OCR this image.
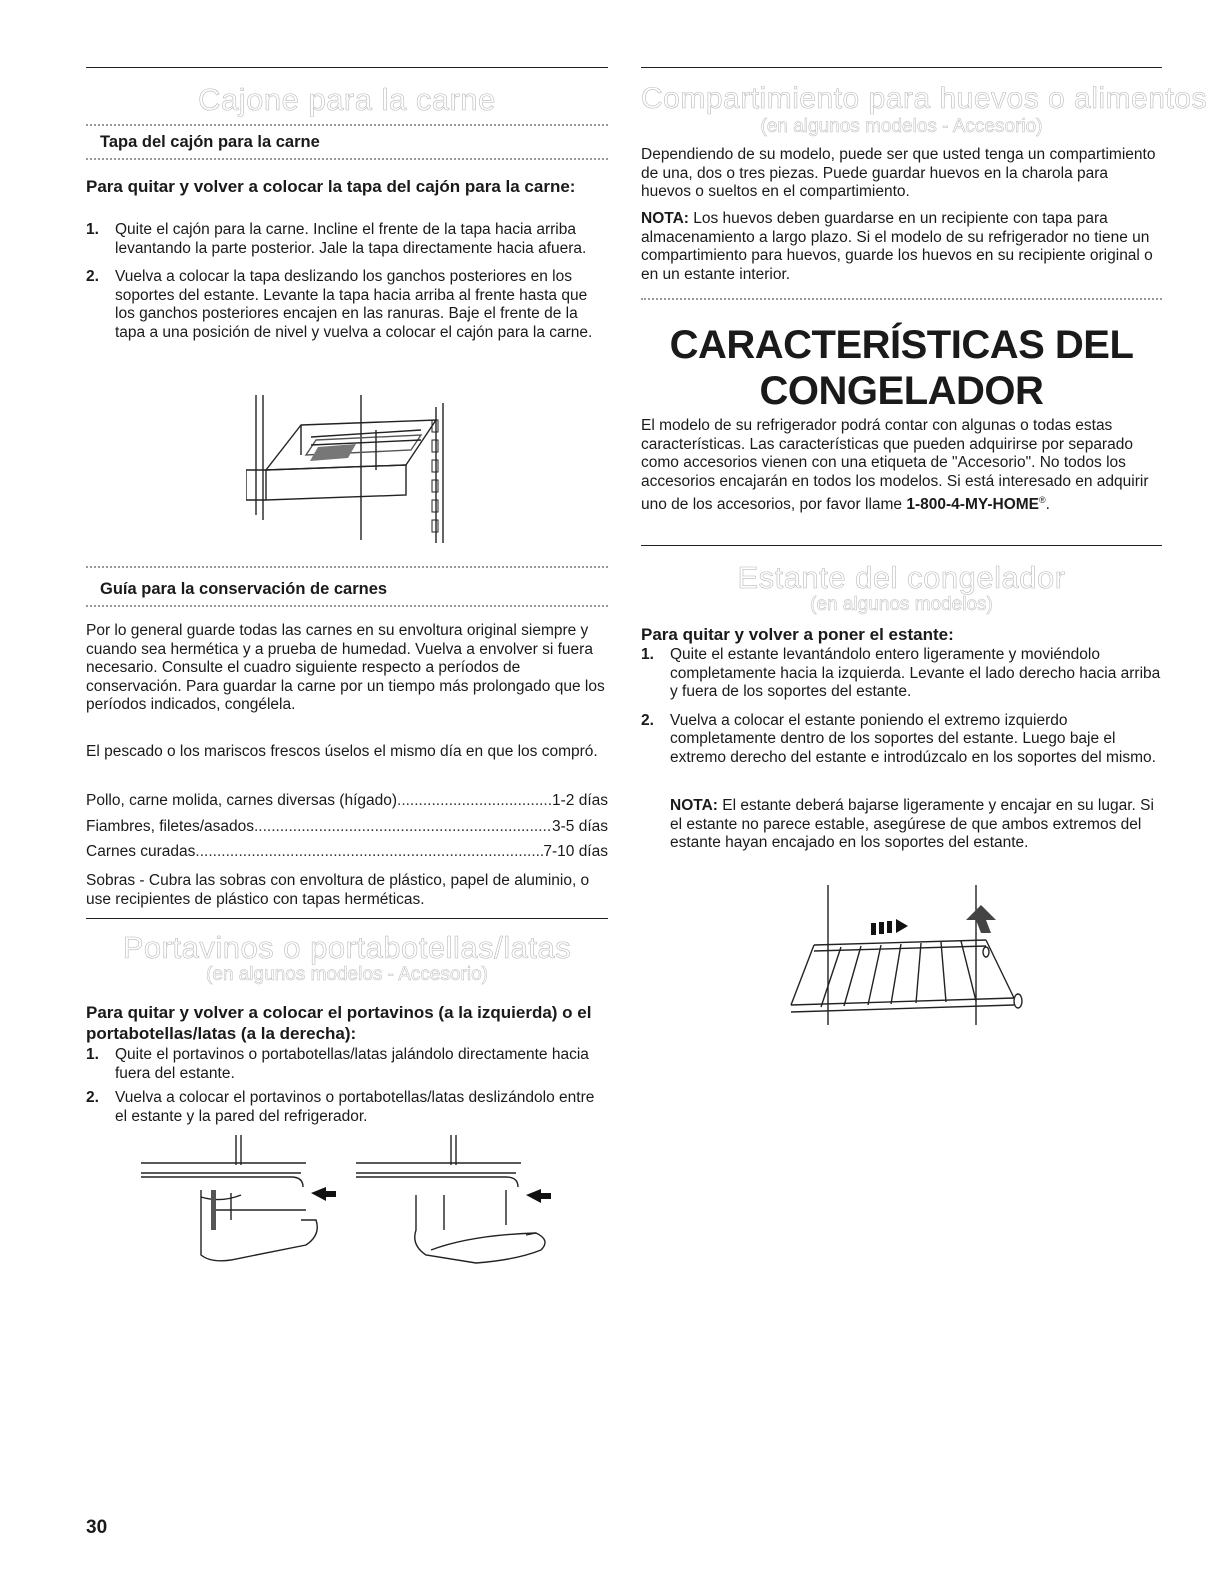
Cajone para la carne
Tapa del cajón para la carne
Para quitar y volver a colocar la tapa del cajón para la carne:
1. Quite el cajón para la carne. Incline el frente de la tapa hacia arriba levantando la parte posterior. Jale la tapa directamente hacia afuera.
2. Vuelva a colocar la tapa deslizando los ganchos posteriores en los soportes del estante. Levante la tapa hacia arriba al frente hasta que los ganchos posteriores encajen en las ranuras. Baje el frente de la tapa a una posición de nivel y vuelva a colocar el cajón para la carne.
Guía para la conservación de carnes

Por lo general guarde todas las carnes en su envoltura original siempre y cuando sea hermética y a prueba de humedad. Vuelva a envolver si fuera necesario. Consulte el cuadro siguiente respecto a períodos de conservación. Para guardar la carne por un tiempo más prolongado que los períodos indicados, congélela.

El pescado o los mariscos frescos úselos el mismo día en que los compró.

Pollo, carne molida, carnes diversas (hígado) .....	1-2 días
Fiambres, filetes/asados .....	3-5 días
Carnes curadas .....	7-10 días

Sobras - Cubra las sobras con envoltura de plástico, papel de aluminio, o use recipientes de plástico con tapas herméticas.

Portavinos o portabotellas/latas

(en algunos modelos - Accesorio)

Para quitar y volver a colocar el portavinos (a la izquierda) o el portabotellas/latas (a la derecha):
1. Quite el portavinos o portabotellas/latas jalándolo directamente hacia fuera del estante.
2. Vuelva a colocar el portavinos o portabotellas/latas deslizándolo entre el estante y la pared del refrigerador.
30
Compartimiento para huevos o alimentos

(en algunos modelos - Accesorio)

Dependiendo de su modelo, puede ser que usted tenga un compartimiento de una, dos o tres piezas. Puede guardar huevos en la charola para huevos o sueltos en el compartimiento.

NOTA: Los huevos deben guardarse en un recipiente con tapa para almacenamiento a largo plazo. Si el modelo de su refrigerador no tiene un compartimiento para huevos, guarde los huevos en su recipiente original o en un estante interior.

CARACTERÍSTICAS DEL
CONGELADOR

El modelo de su refrigerador podrá contar con algunas o todas estas características. Las características que pueden adquirirse por separado como accesorios vienen con una etiqueta de "Accesorio". No todos los accesorios encajarán en todos los modelos. Si está interesado en adquirir uno de los accesorios, por favor llame 1-800-4-MY-HOME®.

Estante del congelador

(en algunos modelos)

Para quitar y volver a poner el estante:
1. Quite el estante levantándolo entero ligeramente y moviéndolo completamente hacia la izquierda. Levante el lado derecho hacia arriba y fuera de los soportes del estante.
2. Vuelva a colocar el estante poniendo el extremo izquierdo completamente dentro de los soportes del estante. Luego baje el extremo derecho del estante e introdúzcalo en los soportes del mismo.

NOTA: El estante deberá bajarse ligeramente y encajar en su lugar. Si el estante no parece estable, asegúrese de que ambos extremos del estante hayan encajado en los soportes del estante.
